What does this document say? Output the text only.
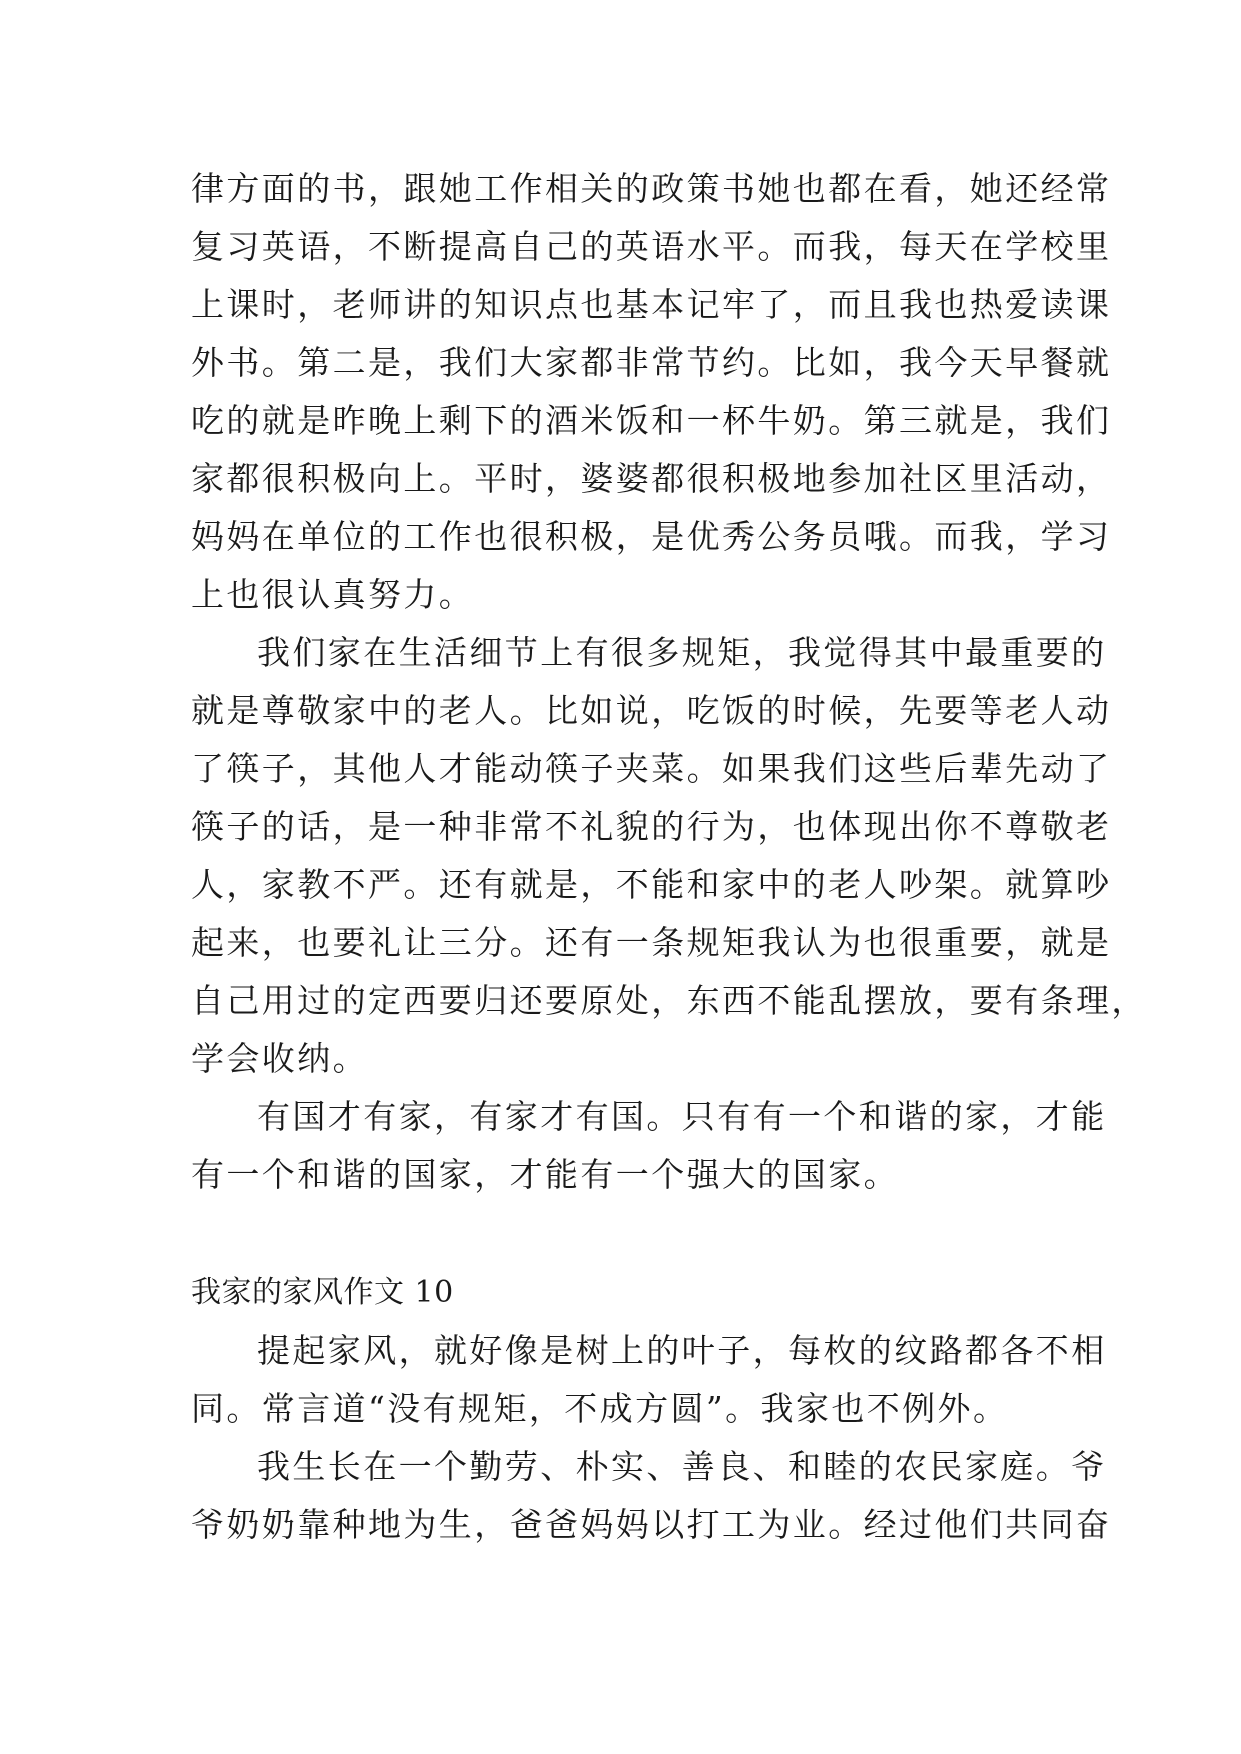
律方面的书，跟她工作相关的政策书她也都在看，她还经常
复习英语，不断提高自己的英语水平。而我，每天在学校里
上课时，老师讲的知识点也基本记牢了，而且我也热爱读课
外书。第二是，我们大家都非常节约。比如，我今天早餐就
吃的就是昨晚上剩下的酒米饭和一杯牛奶。第三就是，我们
家都很积极向上。平时，婆婆都很积极地参加社区里活动，
妈妈在单位的工作也很积极，是优秀公务员哦。而我，学习
上也很认真努力。
我们家在生活细节上有很多规矩，我觉得其中最重要的
就是尊敬家中的老人。比如说，吃饭的时候，先要等老人动
了筷子，其他人才能动筷子夹菜。如果我们这些后辈先动了
筷子的话，是一种非常不礼貌的行为，也体现出你不尊敬老
人，家教不严。还有就是，不能和家中的老人吵架。就算吵
起来，也要礼让三分。还有一条规矩我认为也很重要，就是
自己用过的定西要归还要原处，东西不能乱摆放，要有条理，
学会收纳。
有国才有家，有家才有国。只有有一个和谐的家，才能
有一个和谐的国家，才能有一个强大的国家。
我家的家风作文 10
提起家风，就好像是树上的叶子，每枚的纹路都各不相
同。常言道“没有规矩，不成方圆”。我家也不例外。
我生长在一个勤劳、朴实、善良、和睦的农民家庭。爷
爷奶奶靠种地为生，爸爸妈妈以打工为业。经过他们共同奋
